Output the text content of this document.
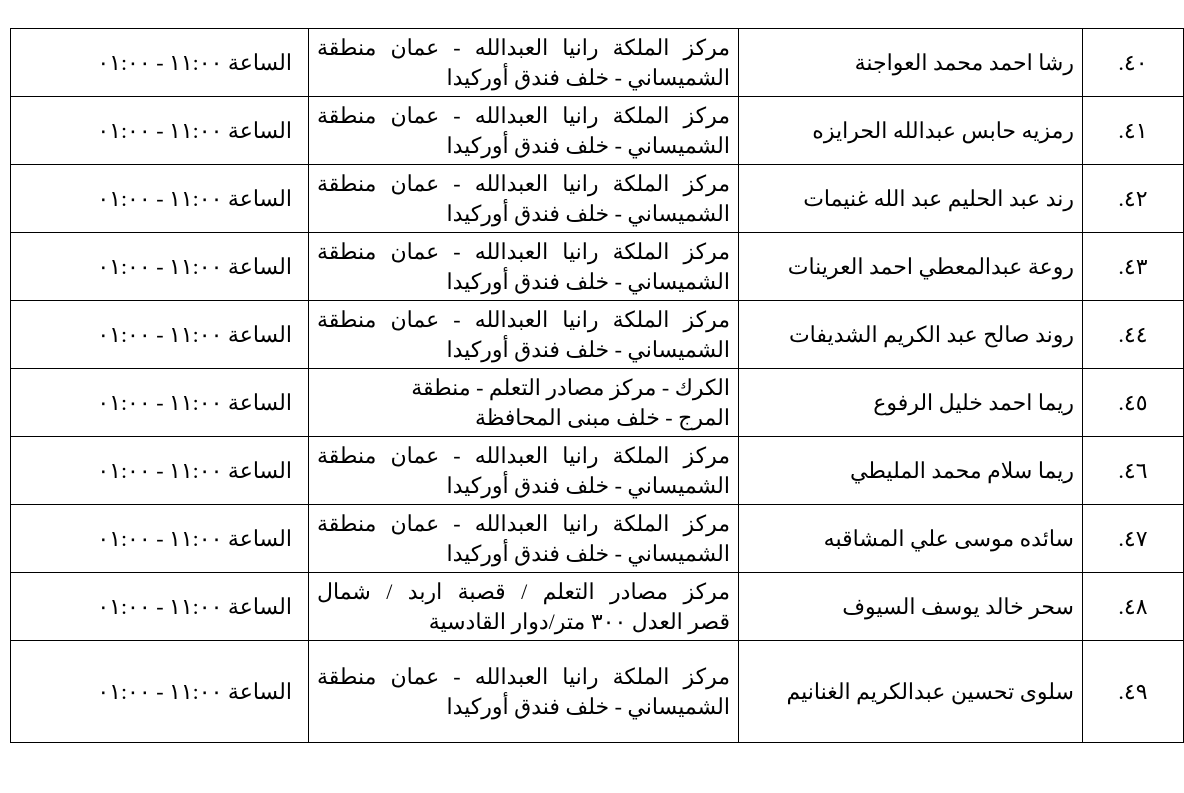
٤٠.	رشا احمد محمد العواجنة	مركز الملكة رانيا العبدالله - عمان منطقة
الشميساني - خلف فندق أوركيدا	الساعة ١١:٠٠ - ٠١:٠٠
٤١.	رمزيه حابس عبدالله الحرايزه	مركز الملكة رانيا العبدالله - عمان منطقة
الشميساني - خلف فندق أوركيدا	الساعة ١١:٠٠ - ٠١:٠٠
٤٢.	رند عبد الحليم عبد الله غنيمات	مركز الملكة رانيا العبدالله - عمان منطقة
الشميساني - خلف فندق أوركيدا	الساعة ١١:٠٠ - ٠١:٠٠
٤٣.	روعة عبدالمعطي احمد العرينات	مركز الملكة رانيا العبدالله - عمان منطقة
الشميساني - خلف فندق أوركيدا	الساعة ١١:٠٠ - ٠١:٠٠
٤٤.	روند صالح عبد الكريم الشديفات	مركز الملكة رانيا العبدالله - عمان منطقة
الشميساني - خلف فندق أوركيدا	الساعة ١١:٠٠ - ٠١:٠٠
٤٥.	ريما احمد خليل الرفوع	الكرك - مركز مصادر التعلم - منطقة
المرج - خلف مبنى المحافظة	الساعة ١١:٠٠ - ٠١:٠٠
٤٦.	ريما سلام محمد المليطي	مركز الملكة رانيا العبدالله - عمان منطقة
الشميساني - خلف فندق أوركيدا	الساعة ١١:٠٠ - ٠١:٠٠
٤٧.	سائده موسى علي المشاقبه	مركز الملكة رانيا العبدالله - عمان منطقة
الشميساني - خلف فندق أوركيدا	الساعة ١١:٠٠ - ٠١:٠٠
٤٨.	سحر خالد يوسف السيوف	مركز مصادر التعلم / قصبة اربد / شمال
قصر العدل ٣٠٠ متر/دوار القادسية	الساعة ١١:٠٠ - ٠١:٠٠
٤٩.	سلوى تحسين عبدالكريم الغنانيم	مركز الملكة رانيا العبدالله - عمان منطقة
الشميساني - خلف فندق أوركيدا	الساعة ١١:٠٠ - ٠١:٠٠
